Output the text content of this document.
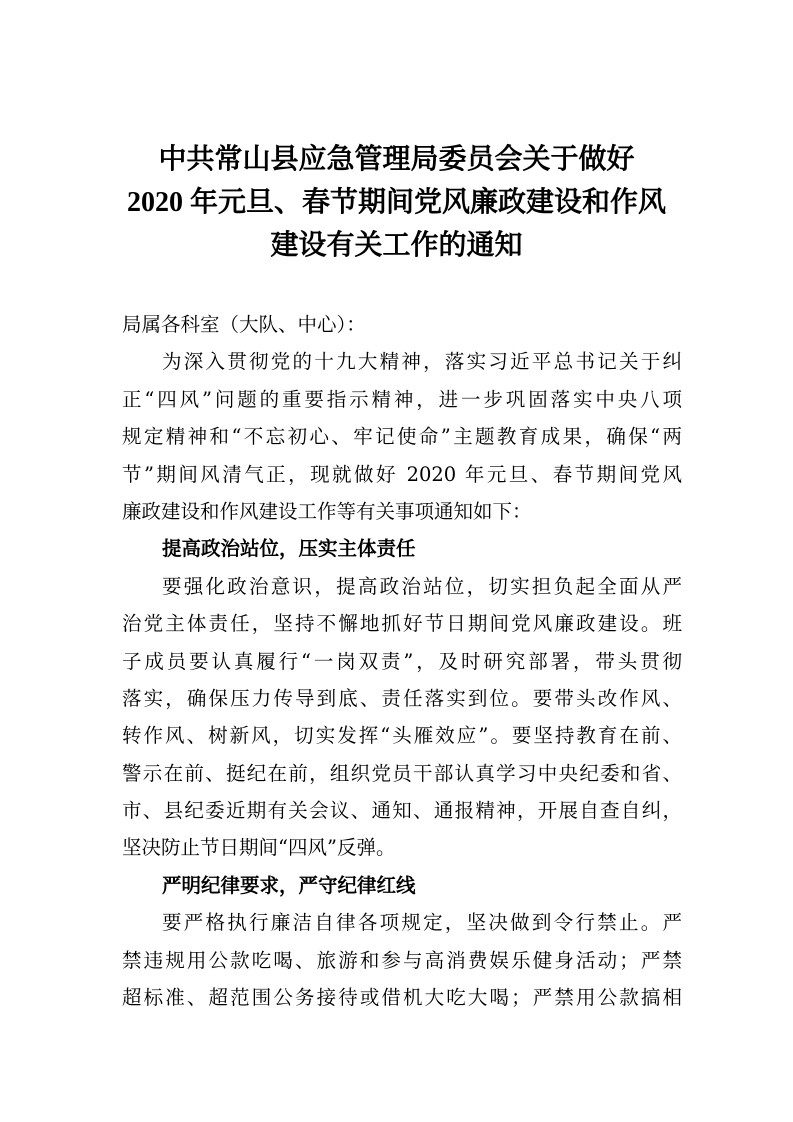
中共常山县应急管理局委员会关于做好
2020 年元旦、春节期间党风廉政建设和作风
建设有关工作的通知
局属各科室（大队、中心）：
为深入贯彻党的十九大精神，落实习近平总书记关于纠
正“四风”问题的重要指示精神，进一步巩固落实中央八项
规定精神和“不忘初心、牢记使命”主题教育成果，确保“两
节”期间风清气正，现就做好 2020 年元旦、春节期间党风
廉政建设和作风建设工作等有关事项通知如下：
提高政治站位，压实主体责任
要强化政治意识，提高政治站位，切实担负起全面从严
治党主体责任，坚持不懈地抓好节日期间党风廉政建设。班
子成员要认真履行“一岗双责”，及时研究部署，带头贯彻
落实，确保压力传导到底、责任落实到位。要带头改作风、
转作风、树新风，切实发挥“头雁效应”。要坚持教育在前、
警示在前、挺纪在前，组织党员干部认真学习中央纪委和省、
市、县纪委近期有关会议、通知、通报精神，开展自查自纠，
坚决防止节日期间“四风”反弹。
严明纪律要求，严守纪律红线
要严格执行廉洁自律各项规定，坚决做到令行禁止。严
禁违规用公款吃喝、旅游和参与高消费娱乐健身活动；严禁
超标准、超范围公务接待或借机大吃大喝；严禁用公款搞相
